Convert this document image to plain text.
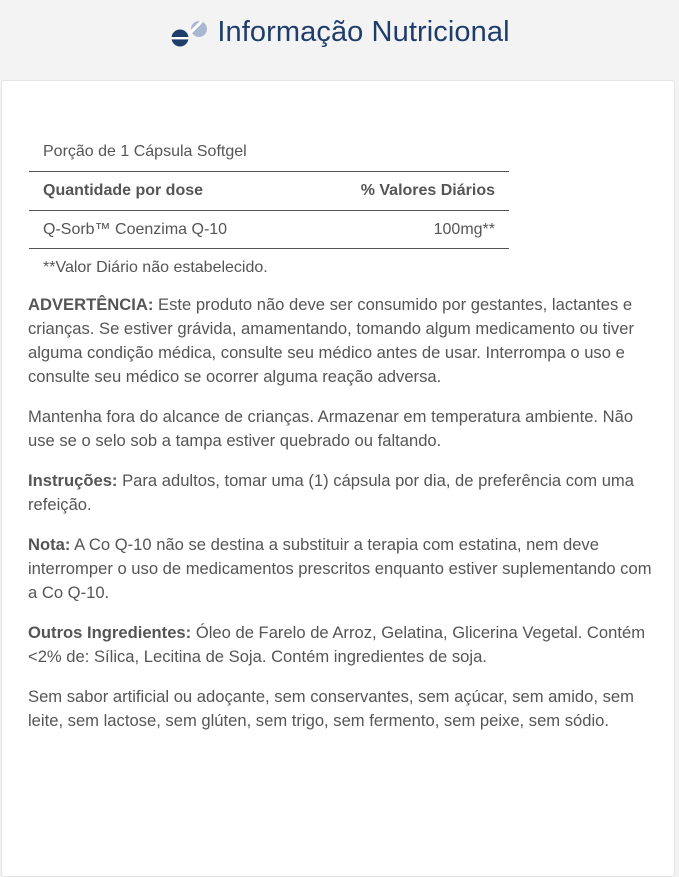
Informação Nutricional
Porção de 1 Cápsula Softgel
Quantidade por dose	% Valores Diários
Q-Sorb™ Coenzima Q-10	100mg**
**Valor Diário não estabelecido.

ADVERTÊNCIA: Este produto não deve ser consumido por gestantes, lactantes e crianças. Se estiver grávida, amamentando, tomando algum medicamento ou tiver alguma condição médica, consulte seu médico antes de usar. Interrompa o uso e consulte seu médico se ocorrer alguma reação adversa.

Mantenha fora do alcance de crianças. Armazenar em temperatura ambiente. Não use se o selo sob a tampa estiver quebrado ou faltando.

Instruções: Para adultos, tomar uma (1) cápsula por dia, de preferência com uma refeição.

Nota: A Co Q-10 não se destina a substituir a terapia com estatina, nem deve interromper o uso de medicamentos prescritos enquanto estiver suplementando com a Co Q-10.

Outros Ingredientes: Óleo de Farelo de Arroz, Gelatina, Glicerina Vegetal. Contém <2% de: Sílica, Lecitina de Soja. Contém ingredientes de soja.

Sem sabor artificial ou adoçante, sem conservantes, sem açúcar, sem amido, sem leite, sem lactose, sem glúten, sem trigo, sem fermento, sem peixe, sem sódio.
